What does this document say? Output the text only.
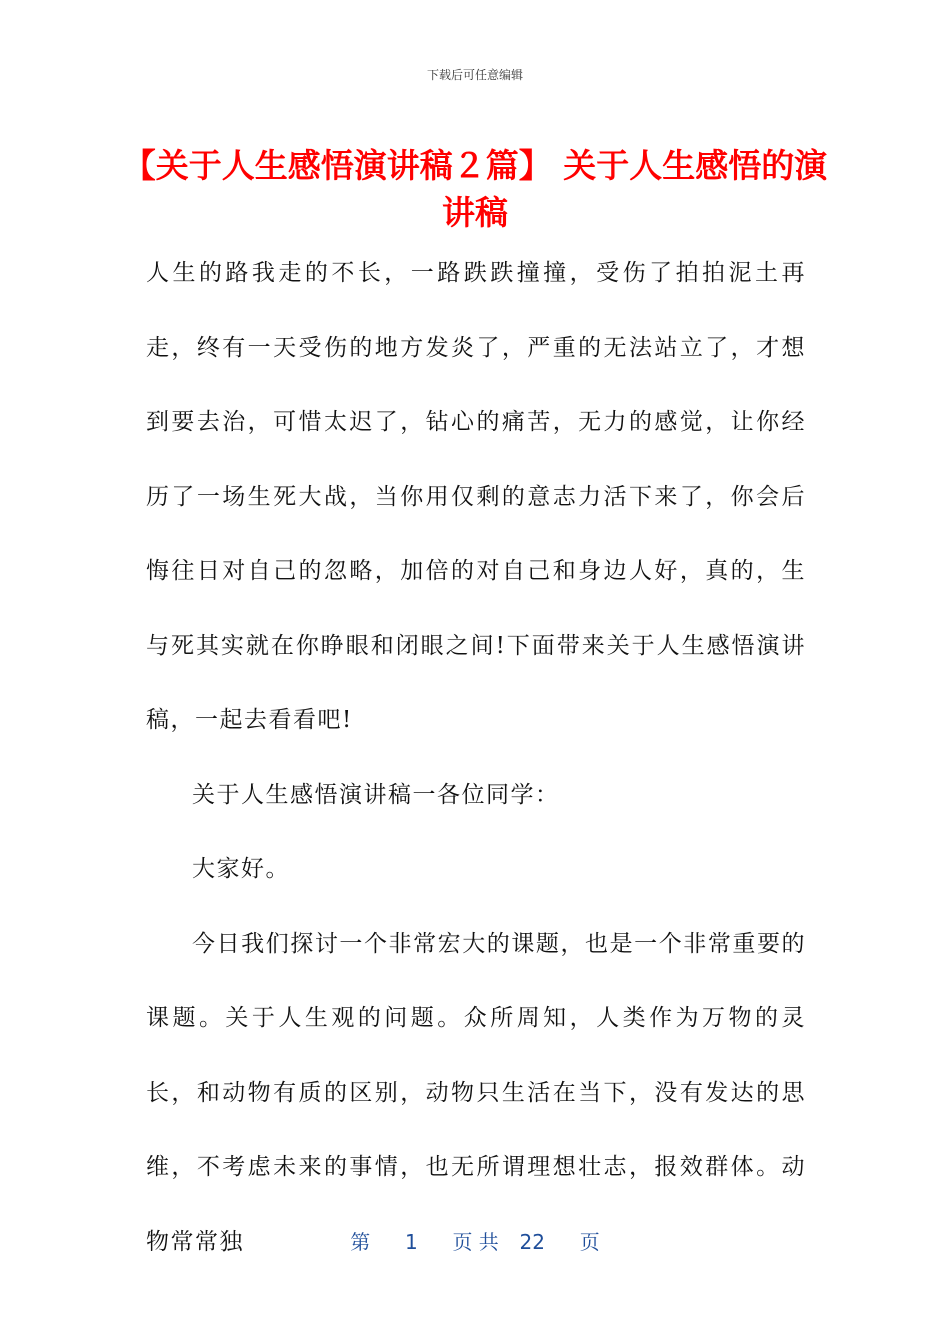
下载后可任意编辑
【关于人生感悟演讲稿２篇】 关于人生感悟的演讲稿

人生的路我走的不长，一路跌跌撞撞，受伤了拍拍泥土再走，终有一天受伤的地方发炎了，严重的无法站立了，才想到要去治，可惜太迟了，钻心的痛苦，无力的感觉，让你经历了一场生死大战，当你用仅剩的意志力活下来了，你会后悔往日对自己的忽略，加倍的对自己和身边人好，真的，生与死其实就在你睁眼和闭眼之间!下面带来关于人生感悟演讲稿，一起去看看吧!

关于人生感悟演讲稿一各位同学：

大家好。

今日我们探讨一个非常宏大的课题，也是一个非常重要的课题。关于人生观的问题。众所周知，人类作为万物的灵长，和动物有质的区别，动物只生活在当下，没有发达的思维，不考虑未来的事情，也无所谓理想壮志，报效群体。动物常常独	第 1 页 共 22 页
